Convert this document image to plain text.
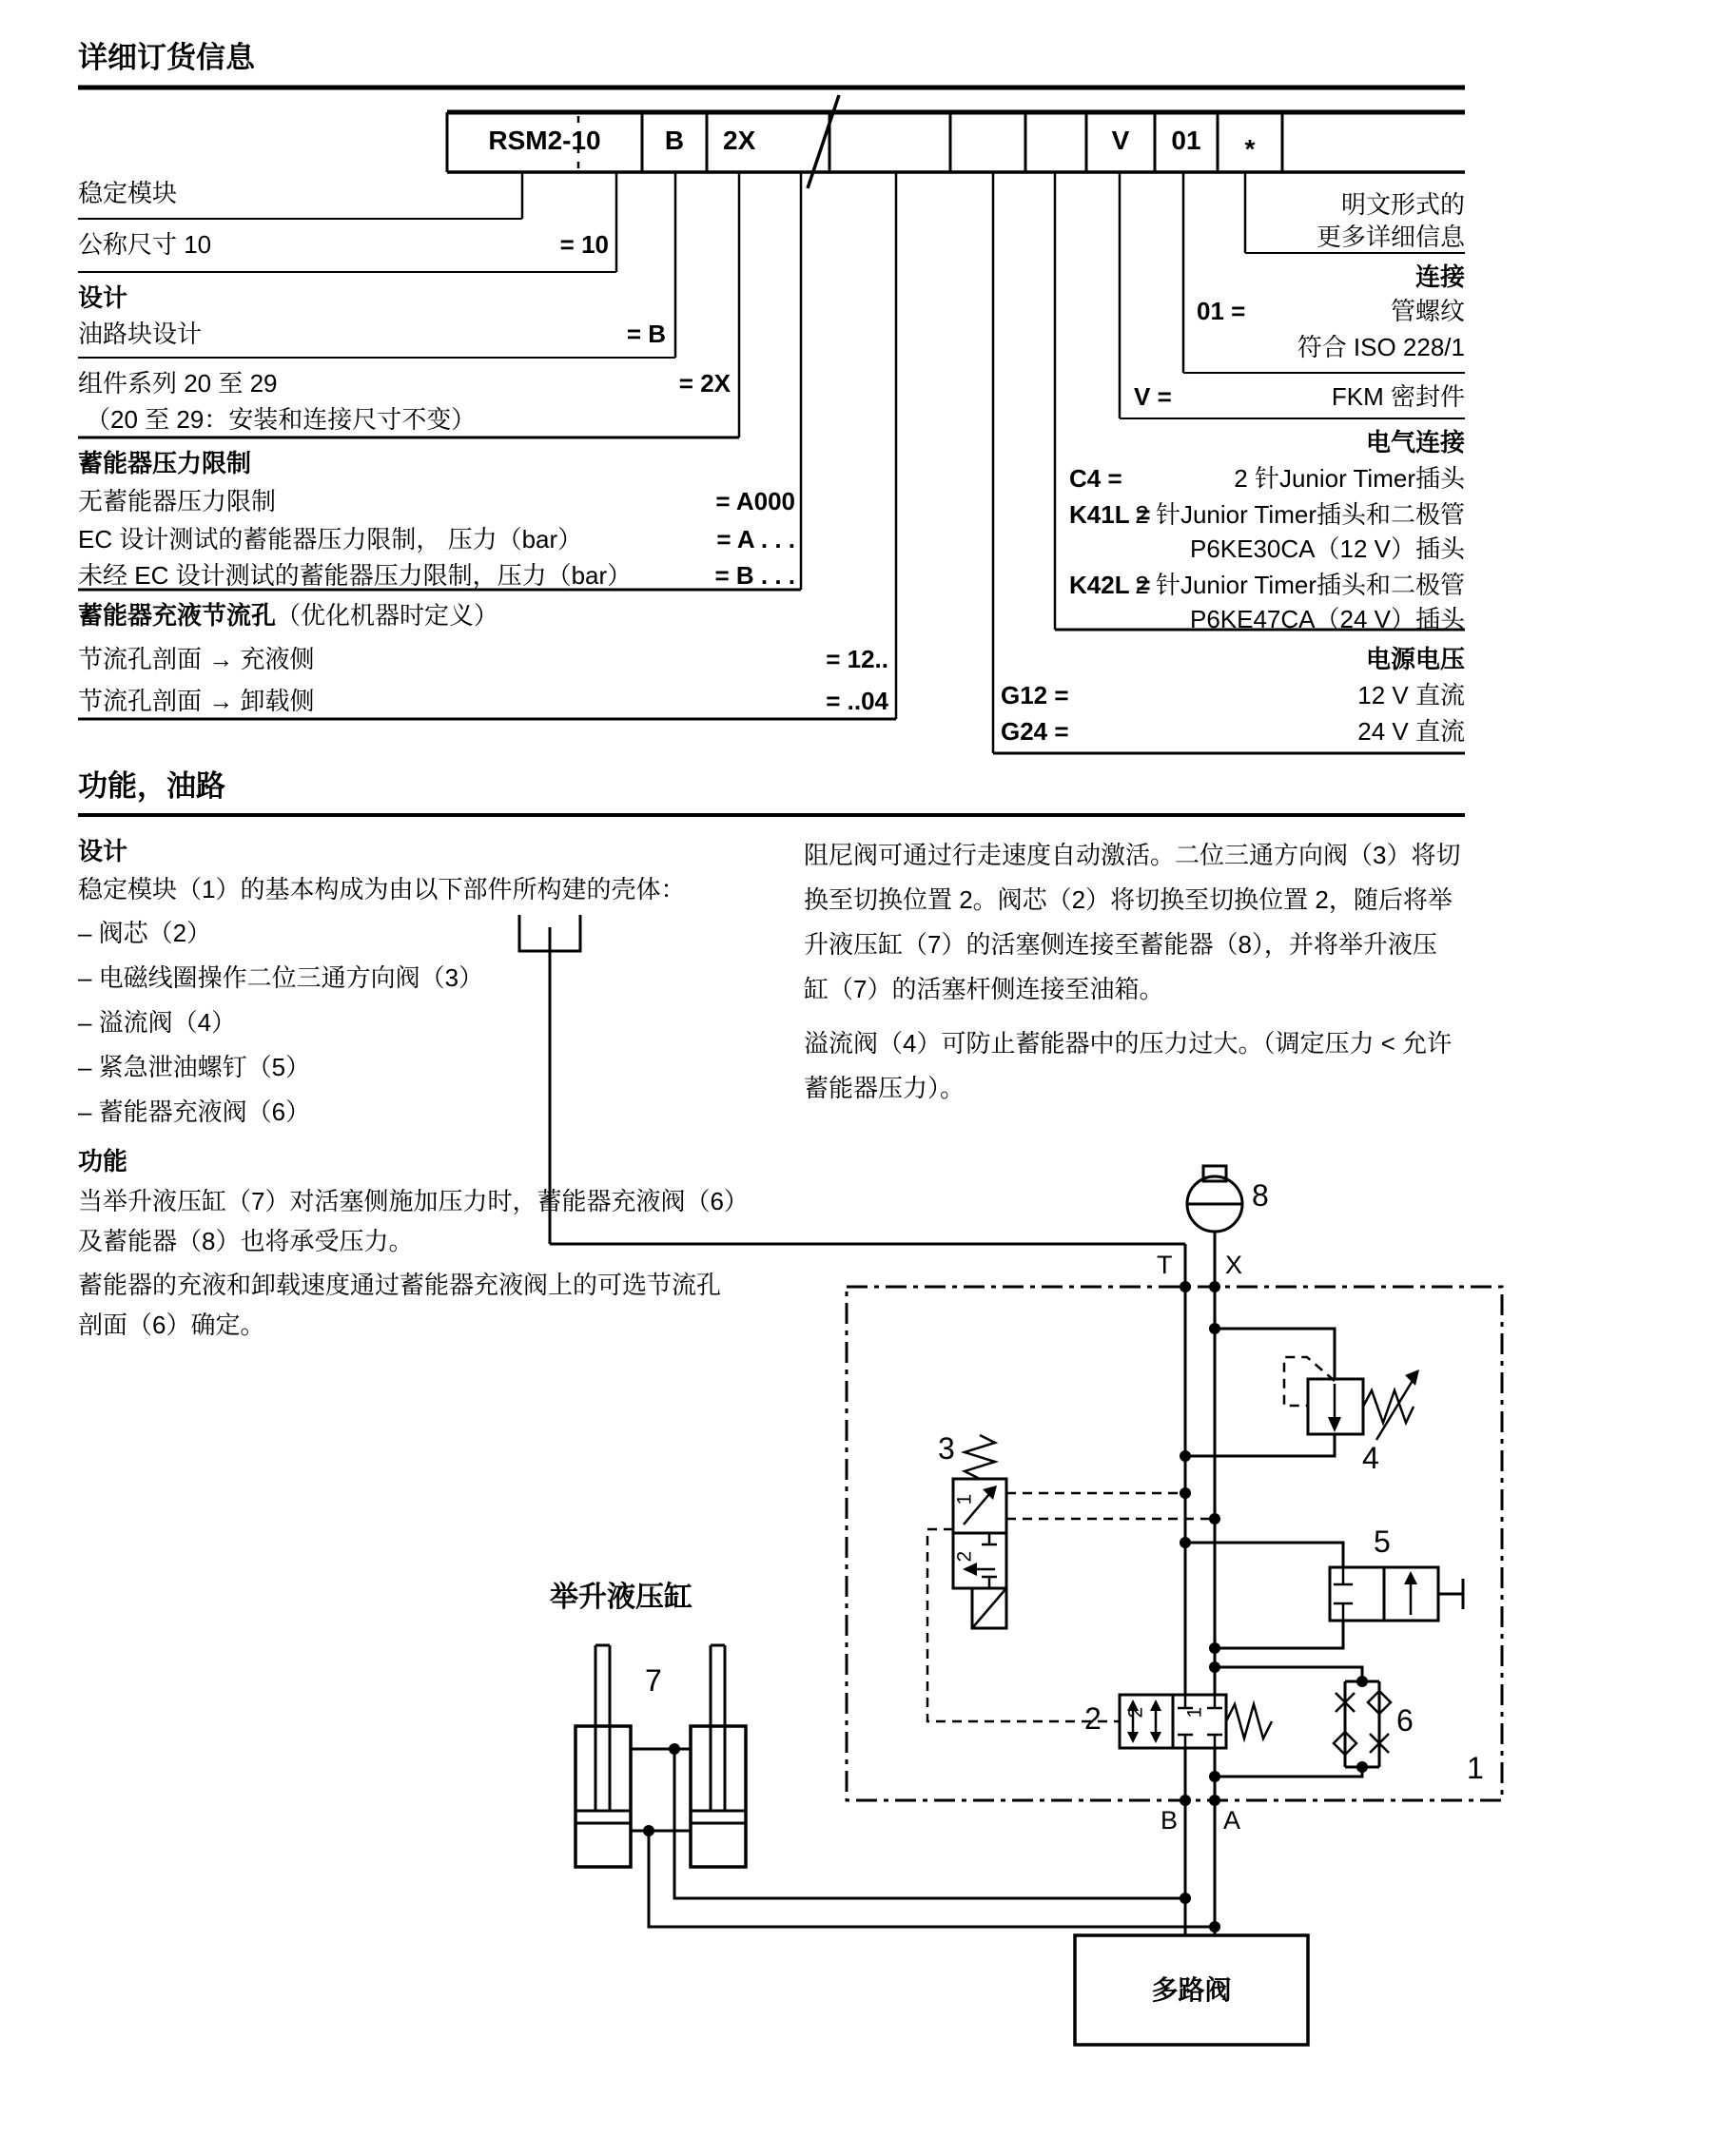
详细订货信息
RSM2-10	B	2X	V	01	*
稳定模块
公称尺寸 10	= 10
设计
油路块设计	= B
组件系列 20 至 29	= 2X
（20 至 29：安装和连接尺寸不变）
蓄能器压力限制
无蓄能器压力限制	= A000
EC 设计测试的蓄能器压力限制， 压力（bar）	= A . . .
未经 EC 设计测试的蓄能器压力限制，压力（bar）	= B . . .
蓄能器充液节流孔（优化机器时定义）
节流孔剖面 → 充液侧	= 12..
节流孔剖面 → 卸载侧	= ..04
明文形式的
更多详细信息
连接
01 =	管螺纹
符合 ISO 228/1
V =	FKM 密封件
电气连接
C4 =	2 针Junior Timer插头
K41L =
2 针Junior Timer插头和二极管
P6KE30CA（12 V）插头
K42L =
2 针Junior Timer插头和二极管
P6KE47CA（24 V）插头
电源电压
G12 =	12 V 直流
G24 =	24 V 直流
功能，油路
设计
稳定模块（1）的基本构成为由以下部件所构建的壳体：
– 阀芯（2）
– 电磁线圈操作二位三通方向阀（3）
– 溢流阀（4）
– 紧急泄油螺钉（5）
– 蓄能器充液阀（6）
功能
当举升液压缸（7）对活塞侧施加压力时，蓄能器充液阀（6）
及蓄能器（8）也将承受压力。
蓄能器的充液和卸载速度通过蓄能器充液阀上的可选节流孔
剖面（6）确定。
阻尼阀可通过行走速度自动激活。二位三通方向阀（3）将切
换至切换位置 2。阀芯（2）将切换至切换位置 2，随后将举
升液压缸（7）的活塞侧连接至蓄能器（8），并将举升液压
缸（7）的活塞杆侧连接至油箱。
溢流阀（4）可防止蓄能器中的压力过大。（调定压力 < 允许
蓄能器压力）。
举升液压缸
7
8
T X
3	4
5
2	6
1
B A
1
2
2 1
多路阀
